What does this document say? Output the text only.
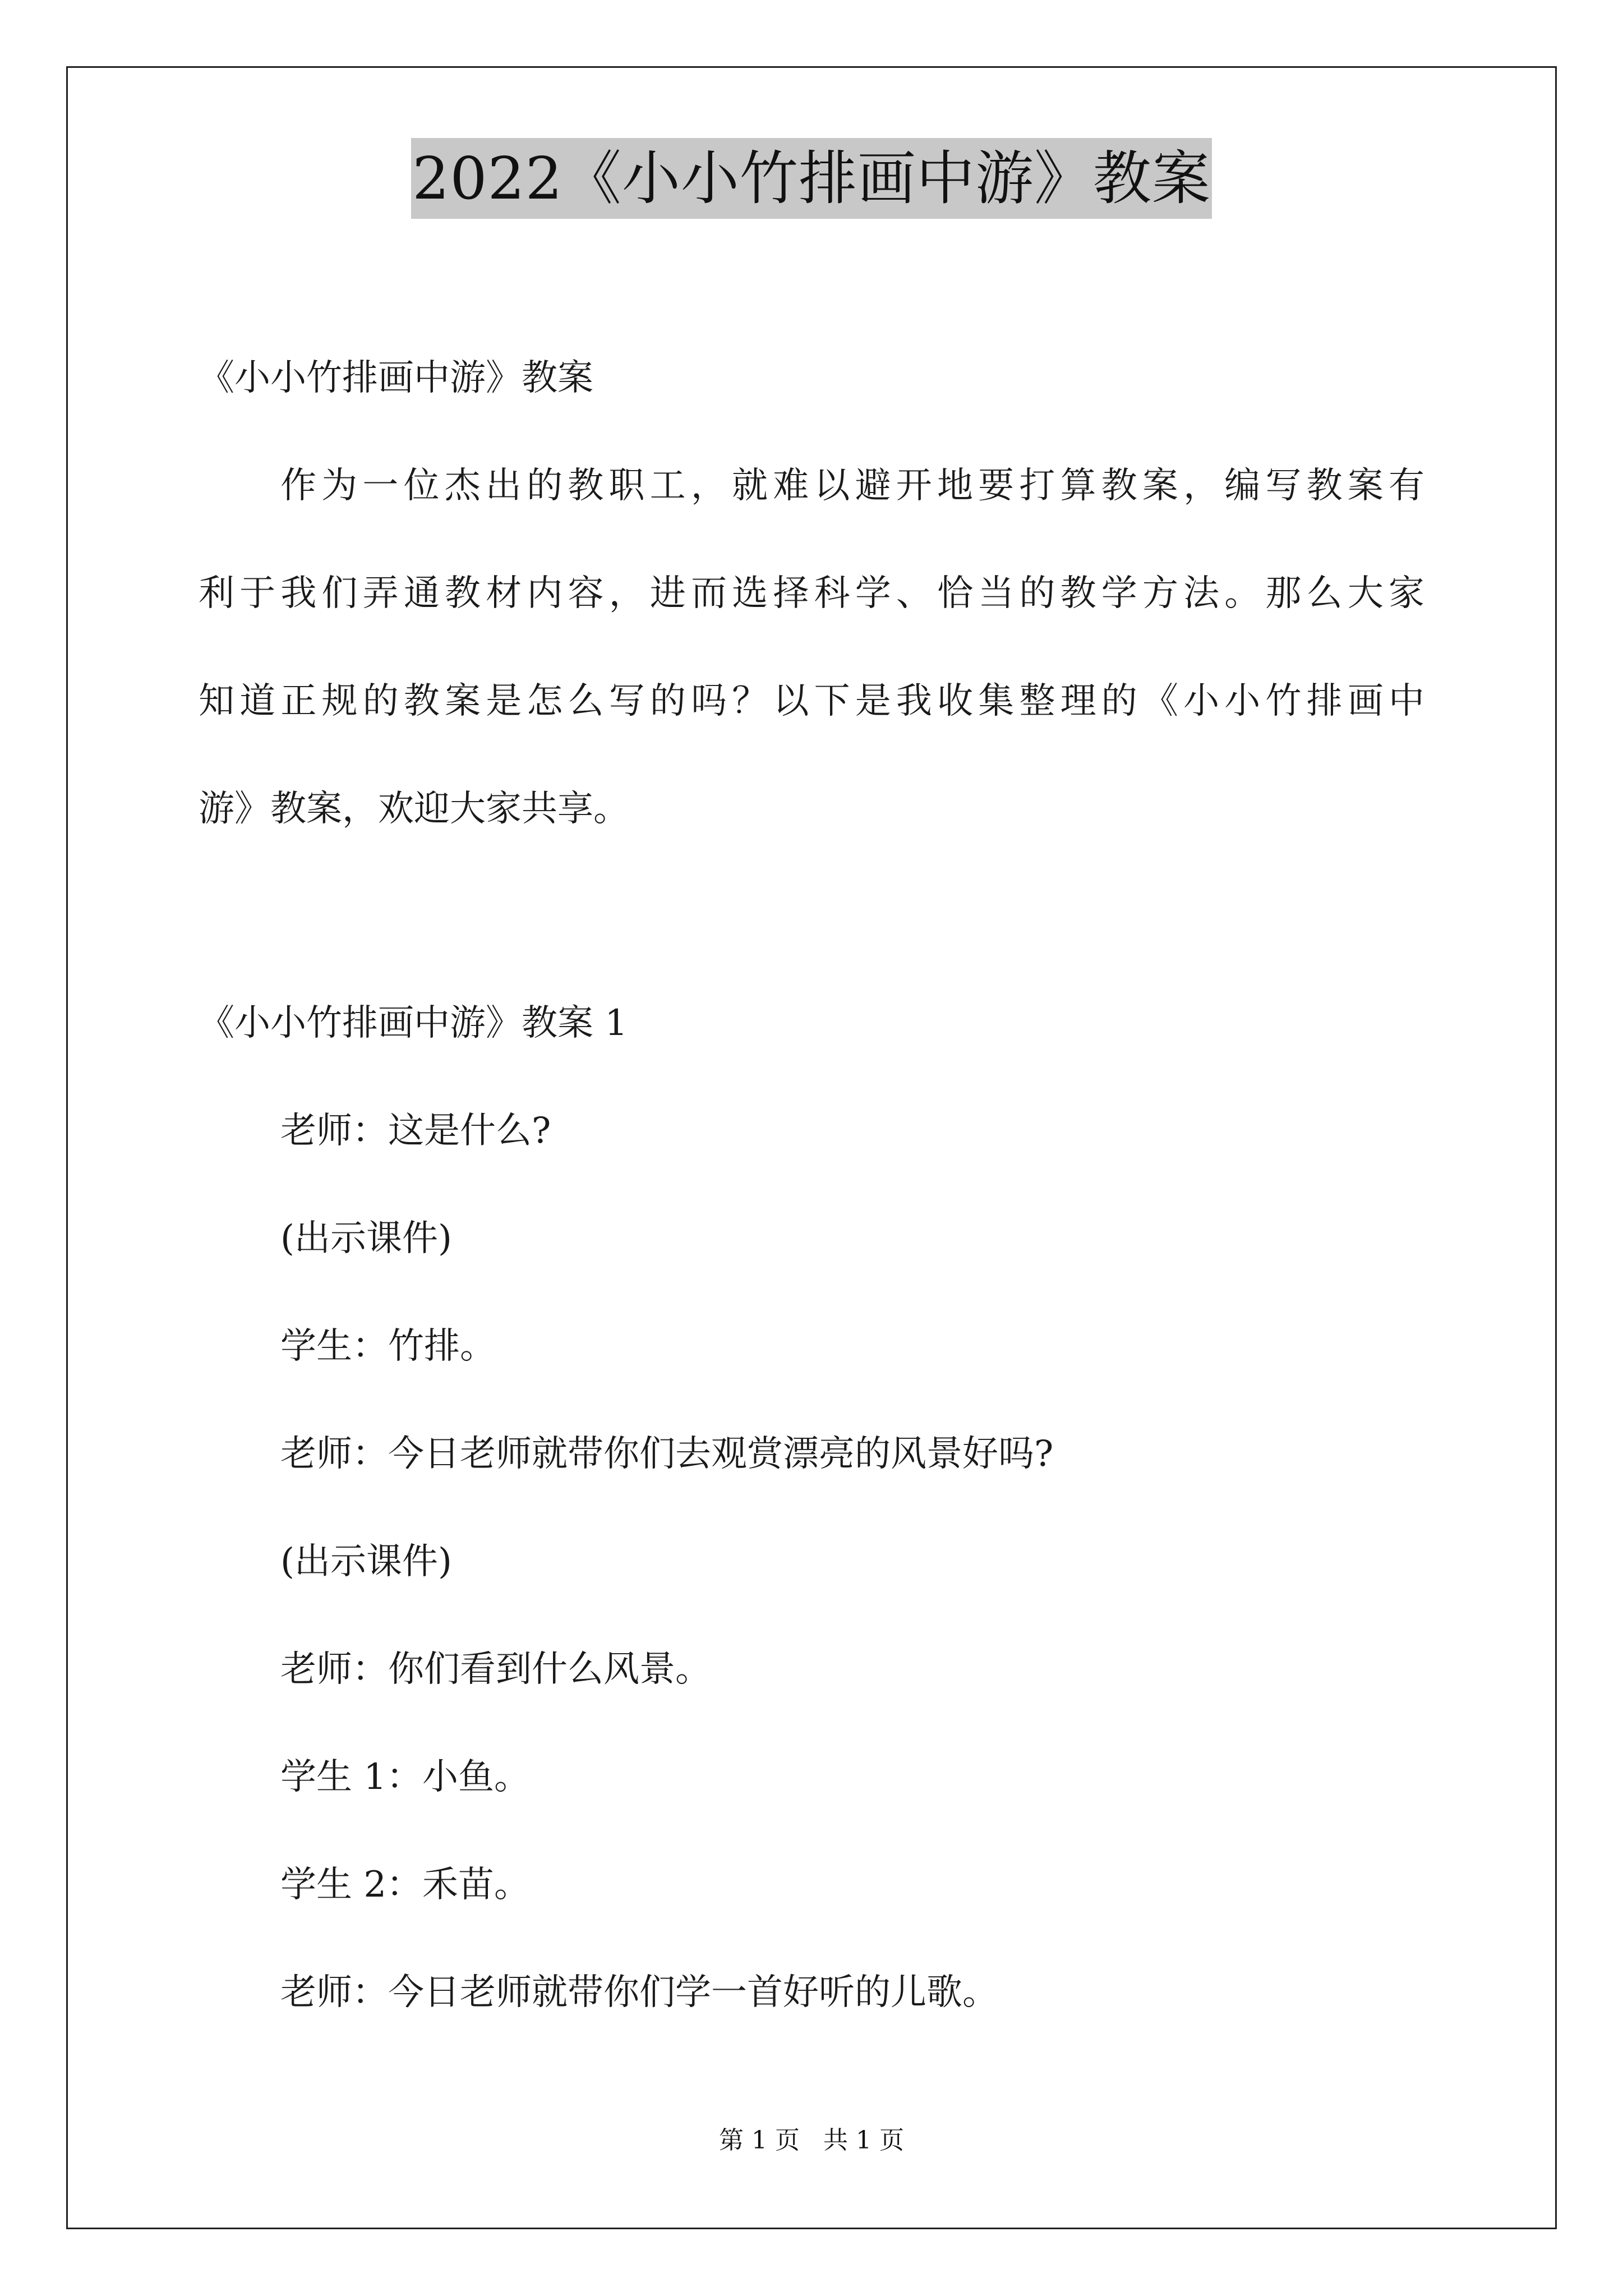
2022《小小竹排画中游》教案
《小小竹排画中游》教案
作为一位杰出的教职工，就难以避开地要打算教案，编写教案有
利于我们弄通教材内容，进而选择科学、恰当的教学方法。那么大家
知道正规的教案是怎么写的吗？以下是我收集整理的《小小竹排画中
游》教案，欢迎大家共享。
《小小竹排画中游》教案 1
老师：这是什么?
(出示课件)
学生：竹排。
老师：今日老师就带你们去观赏漂亮的风景好吗?
(出示课件)
老师：你们看到什么风景。
学生 1：小鱼。
学生 2：禾苗。
老师：今日老师就带你们学一首好听的儿歌。
第 1 页   共 1 页
